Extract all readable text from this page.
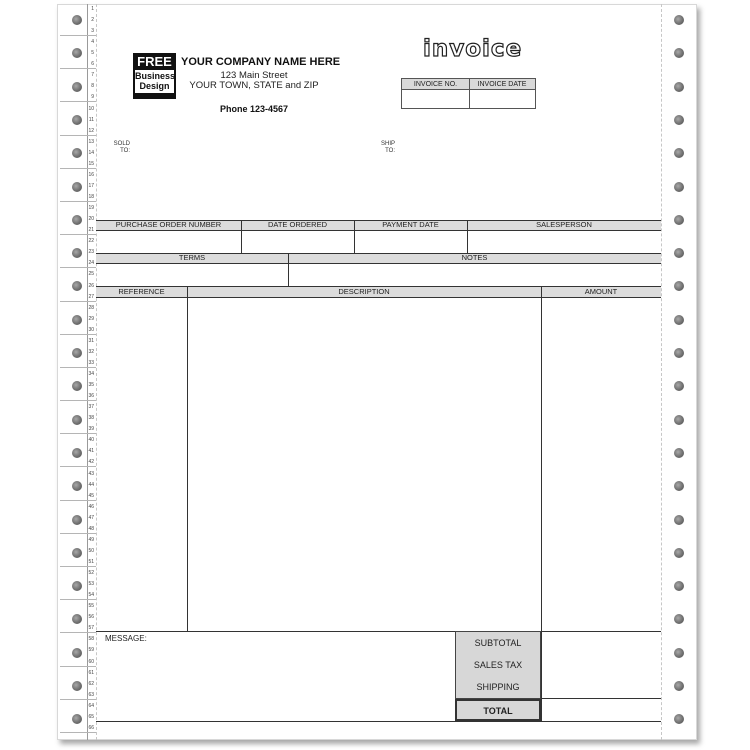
1
2
3
4
5
6
7
8
9
10
11
12
13
14
15
16
17
18
19
20
21
22
23
24
25
26
27
28
29
30
31
32
33
34
35
36
37
38
39
40
41
42
43
44
45
46
47
48
49
50
51
52
53
54
55
56
57
58
59
60
61
62
63
64
65
66
FREE
Business
Design
YOUR COMPANY NAME HERE
123 Main Street
YOUR TOWN, STATE and ZIP
Phone 123-4567
invoice
INVOICE NO.	INVOICE DATE
SOLD
TO:
SHIP
TO:
PURCHASE ORDER NUMBER	DATE ORDERED	PAYMENT DATE	SALESPERSON
TERMS	NOTES
REFERENCE	DESCRIPTION	AMOUNT
MESSAGE:	SUBTOTAL
SALES TAX
SHIPPING
TOTAL
